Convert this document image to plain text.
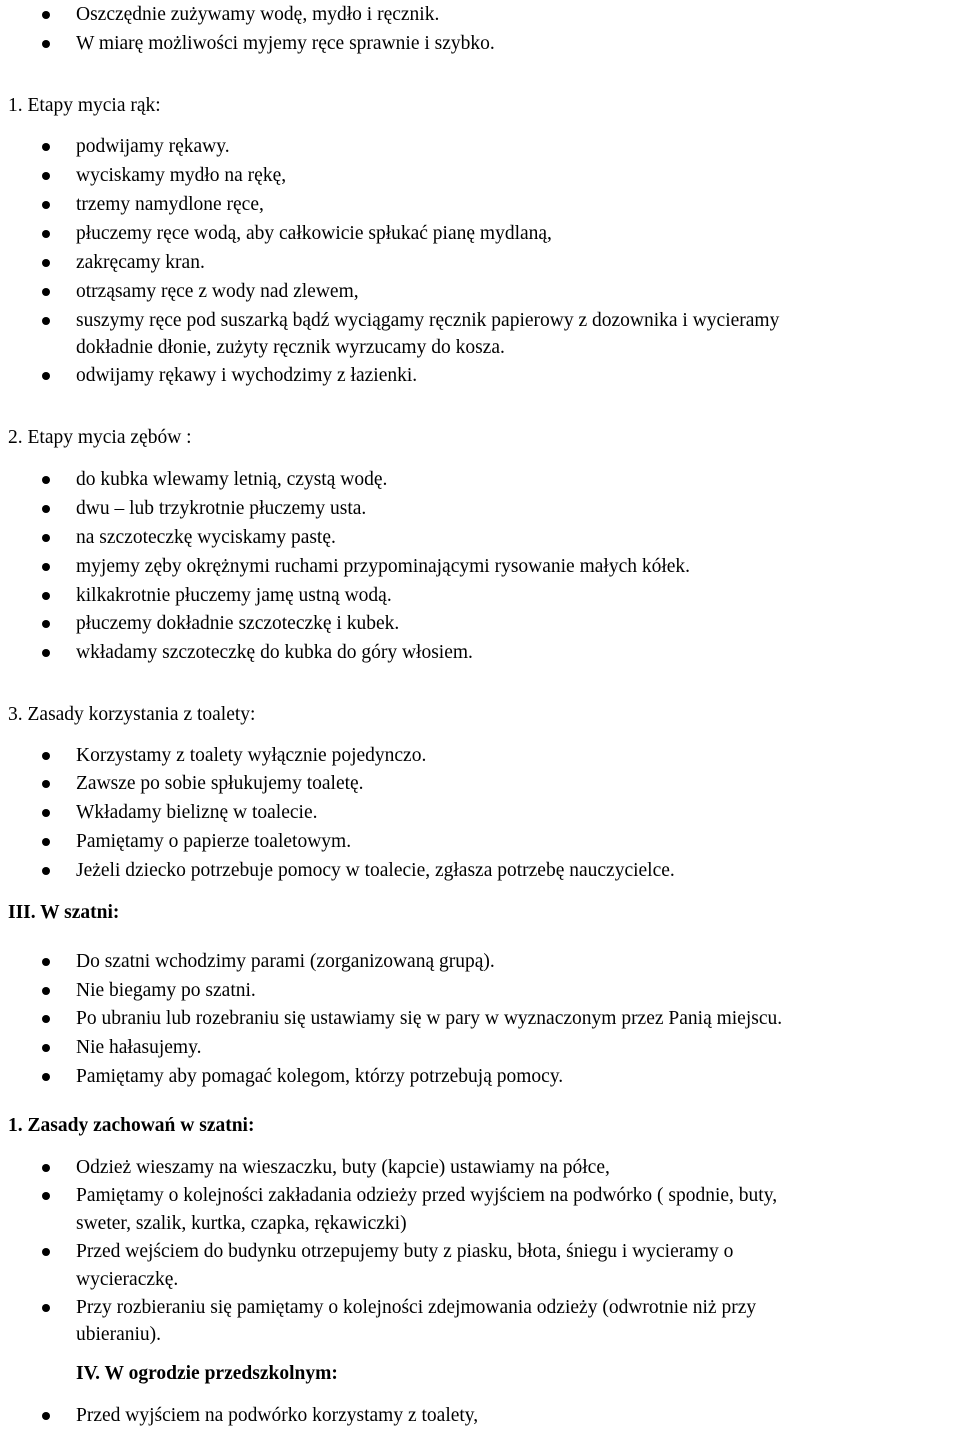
Oszczędnie zużywamy wodę, mydło i ręcznik.
W miarę możliwości myjemy ręce sprawnie i szybko.
1. Etapy mycia rąk:
podwijamy rękawy.
wyciskamy mydło na rękę,
trzemy namydlone ręce,
płuczemy ręce wodą, aby całkowicie spłukać pianę mydlaną,
zakręcamy kran.
otrząsamy ręce z wody nad zlewem,
suszymy ręce pod suszarką bądź wyciągamy ręcznik papierowy z dozownika i wycieramy
dokładnie dłonie, zużyty ręcznik wyrzucamy do kosza.
odwijamy rękawy i wychodzimy z łazienki.
2. Etapy mycia zębów :
do kubka wlewamy letnią, czystą wodę.
dwu – lub trzykrotnie płuczemy usta.
na szczoteczkę wyciskamy pastę.
myjemy zęby okrężnymi ruchami przypominającymi rysowanie małych kółek.
kilkakrotnie płuczemy jamę ustną wodą.
płuczemy dokładnie szczoteczkę i kubek.
wkładamy szczoteczkę do kubka do góry włosiem.
3. Zasady korzystania z toalety:
Korzystamy z toalety wyłącznie pojedynczo.
Zawsze po sobie spłukujemy toaletę.
Wkładamy bieliznę w toalecie.
Pamiętamy o papierze toaletowym.
Jeżeli dziecko potrzebuje pomocy w toalecie, zgłasza potrzebę nauczycielce.
III. W szatni:
Do szatni wchodzimy parami (zorganizowaną grupą).
Nie biegamy po szatni.
Po ubraniu lub rozebraniu się ustawiamy się w pary w wyznaczonym przez Panią miejscu.
Nie hałasujemy.
Pamiętamy aby pomagać kolegom, którzy potrzebują pomocy.
1. Zasady zachowań w szatni:
Odzież wieszamy na wieszaczku, buty (kapcie) ustawiamy na półce,
Pamiętamy o kolejności zakładania odzieży przed wyjściem na podwórko ( spodnie, buty,
sweter, szalik, kurtka, czapka, rękawiczki)
Przed wejściem do budynku otrzepujemy buty z piasku, błota, śniegu i wycieramy o
wycieraczkę.
Przy rozbieraniu się pamiętamy o kolejności zdejmowania odzieży (odwrotnie niż przy
ubieraniu).
IV. W ogrodzie przedszkolnym:
Przed wyjściem na podwórko korzystamy z toalety,
